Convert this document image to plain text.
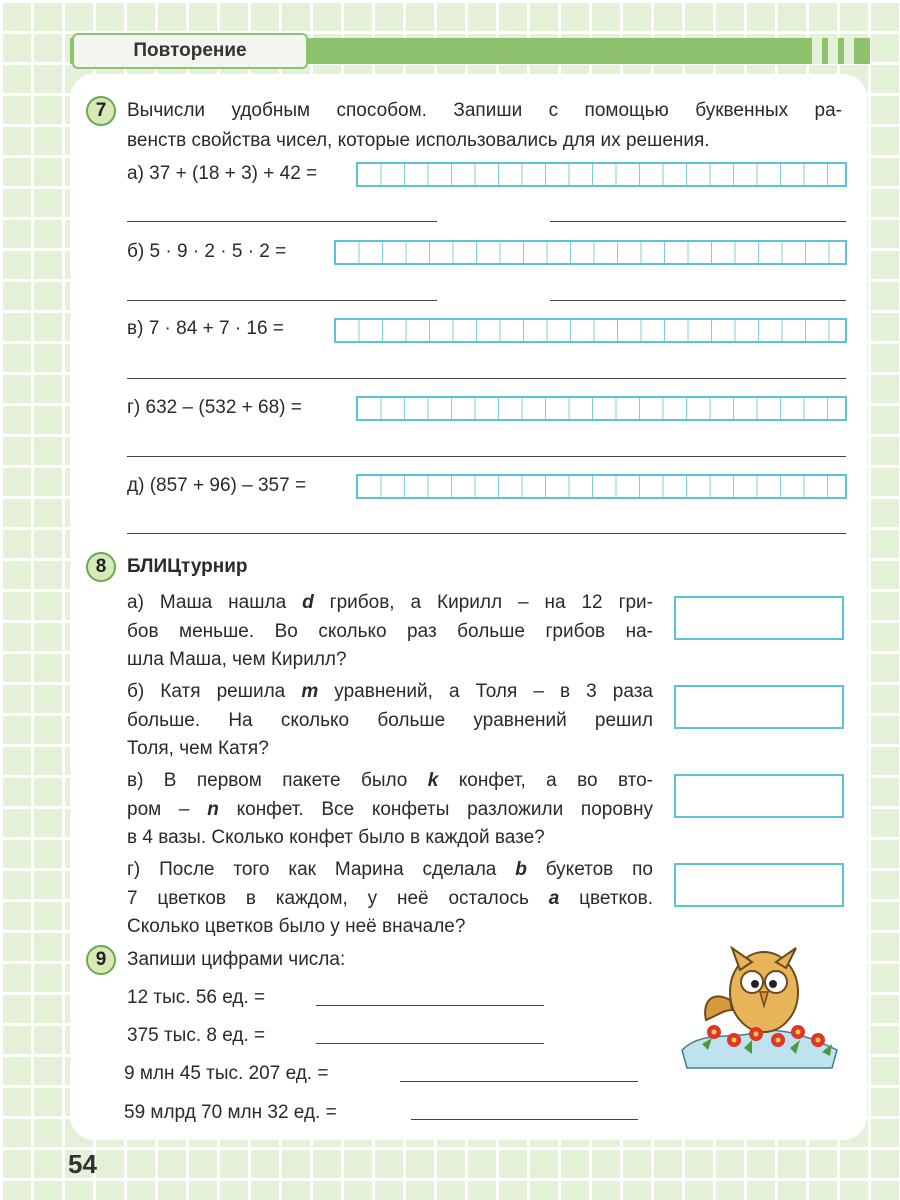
Повторение
7	Вычисли удобным способом. Запиши с помощью буквенных ра-
венств свойства чисел, которые использовались для их решения.
а) 37 + (18 + 3) + 42 =
б) 5 · 9 · 2 · 5 · 2 =
в) 7 · 84 + 7 · 16 =
г) 632 – (532 + 68) =
д) (857 + 96) – 357 =
8	БЛИЦтурнир
а) Маша нашла d грибов, а Кирилл – на 12 гри-
бов меньше. Во сколько раз больше грибов на-
шла Маша, чем Кирилл?
б) Катя решила m уравнений, а Толя – в 3 раза
больше. На сколько больше уравнений решил
Толя, чем Катя?
в) В первом пакете было k конфет, а во вто-
ром – n конфет. Все конфеты разложили поровну
в 4 вазы. Сколько конфет было в каждой вазе?
г) После того как Марина сделала b букетов по
7 цветков в каждом, у неё осталось a цветков.
Сколько цветков было у неё вначале?
9	Запиши цифрами числа:
12 тыс. 56 ед. =
375 тыс. 8 ед. =
9 млн 45 тыс. 207 ед. =
59 млрд 70 млн 32 ед. =
54
